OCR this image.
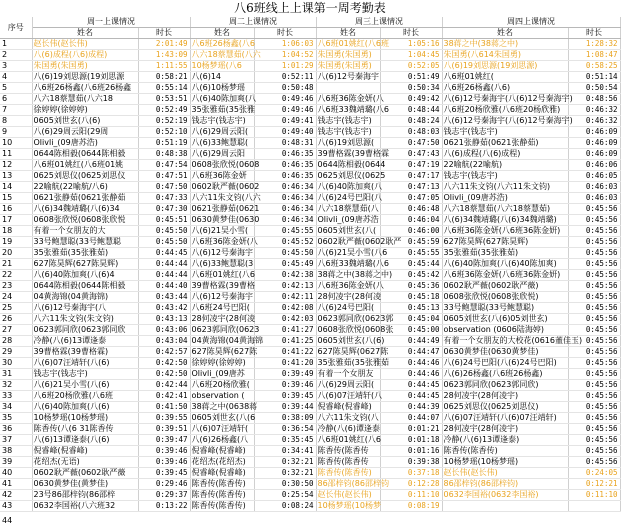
八6班线上上课第一周考勤表
序号	周一上课情况		周二上课情况		周三上课情况		周四上课情况	
	姓名	时长	姓名	时长	姓名	时长	姓名	时长
1	赵长伟(赵长伟)	2:01:49	八6班26杨鑫(八6	1:06:03	八6班01姚红(八6班	1:05:16	38蒋之中(38蒋之中)	1:28:32
2	八(6)成程(八6)成程)	1:43:09	八六18蔡慧茹(八六	1:04:52	朱国勇(朱国勇)	1:04:45	朱国勇(八614朱国勇)	1:08:47
3	朱国勇(朱国勇)	1:11:55	10杨梦瑶(八6	1:01:29	朱国勇(朱国勇)	0:52:05	八(6)19刘思源(19刘思源)	0:58:25
4	八(6)19刘思源(19刘思源	0:58:21	八(6)14	0:52:11	八(6)12号秦海宇	0:51:49	八6班01姚红(	0:51:14
5	八6班26杨鑫(八6班26杨鑫	0:55:14	八(6)10杨梦瑶	0:50:48		0:50:34	八6班26杨鑫(八6)	0:50:54
6	八六18蔡慧茹(八六18	0:53:51	八(6)40陈加爽(八	0:49:46	八6班36陈金妍(八	0:49:42	八(6)12号秦海宇(八(6)12号秦海宇)	0:48:56
7	徐婷婷(徐婷婷)	0:52:49	35张雅茹(35张雅	0:49:46	八6班33魏靖璐(八6	0:48:44	八6班20杨欣雅(八6班20杨欣雅)	0:46:32
8	0605刘世玄(八(6)	0:52:19	钱志宇(钱志宇)	0:49:41	钱志宇(钱志宇)	0:48:24	八(6)12号秦海宇(八(6)12号秦海宇)	0:46:32
9	八(6)29周云阳(29周	0:52:10	八(6)29周云阳(	0:49:40	钱志宇(钱志宇)	0:48:03	钱志宇(钱志宇)	0:46:09
10	Olivli_(09唐苏浩)	0:51:19	八(6)33鲍慧聪(	0:48:31	八(6)19刘思源(	0:47:50	0621张静茹(0621张静茹)	0:46:09
11	0644陈相毅(0644陈相毅	0:48:38	八(6)29周云阳	0:46:35	39曹格霖(39曹格霖	0:47:43	八(6)成程(八(6)成程)	0:46:09
12	八6班01姚红(八6班01姚	0:47:54	0608张欣悦(0608	0:46:35	0644陈相毅(0644	0:47:19	22喻航(22喻航)	0:46:06
13	0625刘思仪(0625刘思仪	0:47:51	八6班36陈金妍	0:46:35	0625刘思仪(0625	0:47:17	钱志宇(钱志宇)	0:46:05
14	22喻航(22喻航/八6)	0:47:50	0602耿严薇(0602	0:46:34	八(6)40陈加爽(八	0:47:13	八六11朱文钧(八六11朱文钧)	0:46:03
15	0621张静茹(0621张静茹	0:47:33	八六11朱文钧(八六	0:46:34	八(6)24号巴阳(八	0:47:05	Olivli_(09唐苏浩)	0:46:03
16	八(6)34魏靖璐(八(6)34	0:47:30	0621张静茹(0621	0:46:34	八六18蔡慧茹(八	0:46:48	八六18蔡慧茹(八六18蔡慧茹)	0:45:56
17	0608张欣悦(0608张欣悦	0:45:51	0630黄梦佳(0630	0:46:34	Olivli_(09唐苏浩	0:46:04	八(6)34魏靖璐(八(6)34魏靖璐)	0:45:56
18	有着一个女朋友的大	0:45:50	八(6)21吴小雪(	0:45:55	0605刘世玄(八(	0:46:00	八6班36陈金妍(八6班36陈金妍)	0:45:56
19	33号鲍慧聪(33号鲍慧聪	0:45:50	八6班36陈金妍(八	0:45:52	0602耿严薇(0602耿严	0:45:59	627陈昊辉(627陈昊辉)	0:45:56
20	35张雅茹(35张雅茹)	0:44:45	八(6)12号秦海宇	0:45:50	八(6)21吴小雪(八6	0:45:55	35张雅茹(35张雅茹)	0:45:56
21	627陈昊辉(627陈昊辉)	0:44:44	八(6)33鲍慧聪(3	0:45:49	八6班33魏靖璐(八6	0:45:44	八(6)40陈加爽(八(6)40陈加爽)	0:45:56
22	八(6)40陈加爽(八(6)4	0:44:44	八6班01姚红(八6	0:42:38	38蒋之中(38蒋之中)	0:45:42	八6班36陈金妍(八6班36陈金妍)	0:45:56
23	0644陈相毅(0644陈相毅	0:44:40	39曹格霖(39曹格	0:42:13	八6班36陈金妍(八	0:45:36	0602耿严薇(0602耿严薇)	0:45:56
24	04黄海锦(04黄海锦)	0:43:44	八(6)12号秦海宇	0:42:11	28何凌宇(28何凌	0:45:18	0608张欣悦(0608张欣悦)	0:45:56
25	八(6)12号秦海宇(八	0:43:42	八6班24号巴阳(	0:42:08	八(6)24号巴阳(	0:45:13	33号鲍慧聪(33号鲍慧聪)	0:45:56
26	八六11朱文钧(朱文钧)	0:43:13	28何凌宇(28何凌	0:42:03	0623郭同欣(0623郭	0:45:04	0605刘世玄(八(6)05刘世玄)	0:45:56
27	0623郭同欣(0623郭同欣	0:43:06	0623郭同欣(0623	0:41:27	0608张欣悦(0608张	0:45:00	observation (0606陆海婷)	0:45:56
28	冷静(八(6)13谭逢泰	0:43:04	04黄海锦(04黄海锦	0:41:25	0605刘世玄(八(6)	0:44:49	有着一个女朋友的大校花(0616董佳玉)	0:45:56
29	39曹格霖(39曹格霖)	0:42:57	627陈昊辉(627陈	0:41:22	627陈昊辉(0627陈	0:44:47	0630黄梦佳(0630黄梦佳)	0:45:56
30	八(6)07汪靖轩(八(6)	0:42:50	徐婷婷(徐婷婷)	0:41:20	35张雅茹(35张雅茹	0:44:46	八(6)24号巴阳(八(6)24号巴阳)	0:45:56
31	钱志宇(钱志宇)	0:42:50	Olivli_(09唐苏	0:39:49	有着一个女朋友	0:44:46	八(6)26杨鑫(八6班26杨鑫)	0:45:56
32	八(6)21吴小雪(八(6)	0:42:44	八6班20杨欣雅(	0:39:46	八(6)29周云阳(	0:44:45	0623郭同欣(0623郭同欣)	0:45:56
33	八6班20杨欣雅(八6班	0:42:41	observation (	0:39:45	八(6)07汪靖轩(八	0:44:45	28何凌宇(28何凌宇)	0:45:56
34	八(6)40陈加爽(八(6)	0:41:50	38蒋之中(0638蒋	0:39:44	倪睿峰(倪睿峰)	0:44:39	0625刘思仪(0625刘思仪)	0:45:56
35	10杨梦瑶(10杨梦瑶)	0:39:55	0605刘世玄(八(6	0:38:09	八六11朱文钧(八	0:44:07	八(6)07汪靖轩(八(6)07汪靖轩)	0:45:56
36	陈香传(八(6 31陈香传	0:39:51	八(6)07汪靖轩(	0:36:54	冷静(八(6)谭逢泰	0:01:21	28何凌宇(28何凌宇)	0:45:56
37	八(6)13谭逢泰(八(6)	0:39:47	八(6)26杨鑫(八	0:35:45	八6班01姚红(八6	0:01:18	冷静(八(6)13谭逢泰)	0:45:56
38	倪睿峰(倪睿峰)	0:39:46	倪睿峰(倪睿峰)	0:34:41	陈香传(陈香传	0:01:16	陈香传(陈香传)	0:45:56
39	花绍杰(无语)	0:39:46	花绍杰(花绍杰)	0:32:21	陈香传(陈香传	0:39:38	10杨梦瑶(10杨梦瑶)	0:45:56
40	0602耿严薇(0602耿严薇	0:39:45	倪睿峰(倪睿峰)	0:32:21	陈香传(陈香传)	0:37:18	赵长伟(赵长伟)	0:24:05
41	0630黄梦佳(黄梦佳)	0:29:46	陈香传(陈香传)	0:30:50	86邵梓钧(86邵梓钧	0:12:28	86邵梓钧(86邵梓钧)	0:12:21
42	23号86邵梓钧(86邵梓	0:29:37	陈香传(陈香传)	0:25:54	赵长伟(赵长伟)	0:11:10	0632李国裕(0632李国裕)	0:11:10
43	0632李国裕(八六班32	0:13:22	陈香传(陈香传)	0:08:24	10杨梦瑶(10杨梦	0:08:19		
44
